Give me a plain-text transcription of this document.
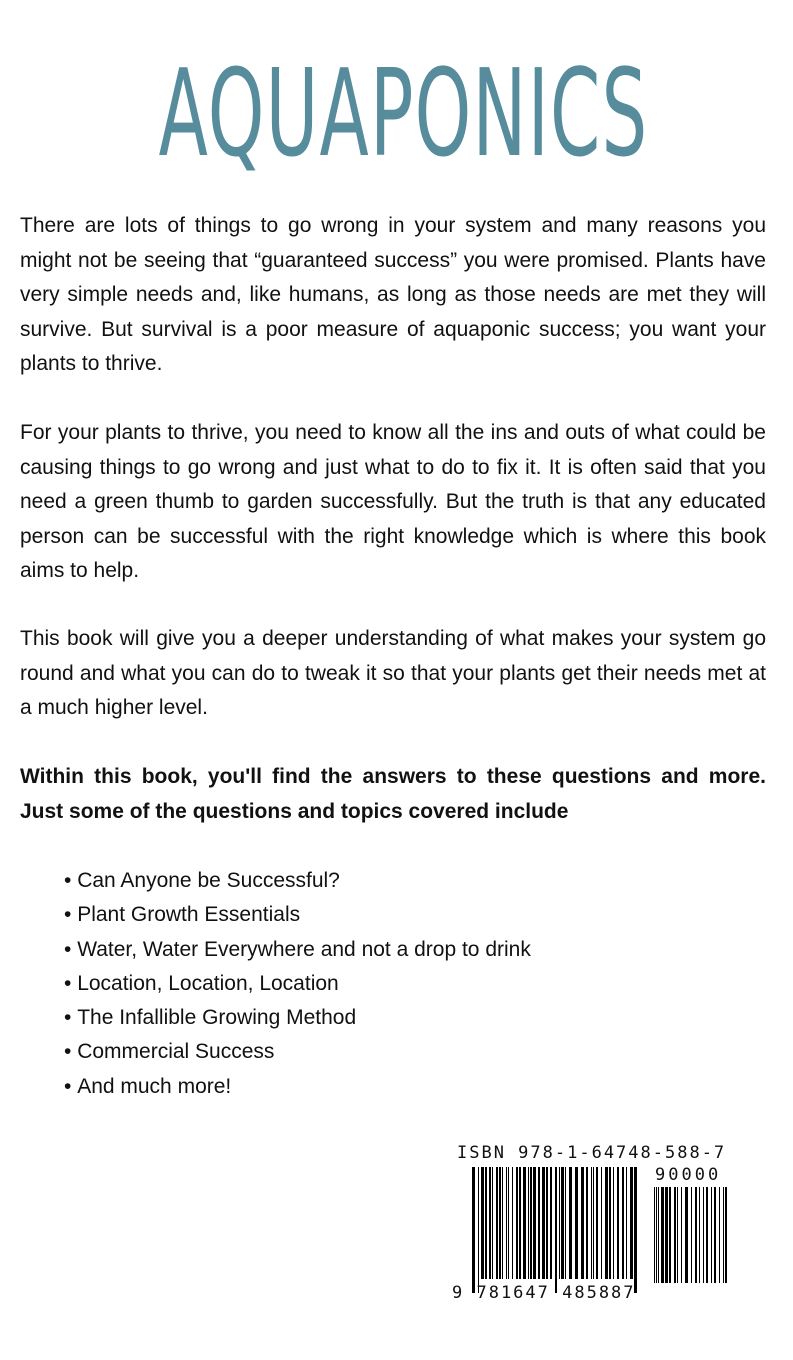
AQUAPONICS

There are lots of things to go wrong in your system and many reasons you might not be seeing that “guaranteed success” you were promised. Plants have very simple needs and, like humans, as long as those needs are met they will survive. But survival is a poor measure of aquaponic success; you want your plants to thrive.

For your plants to thrive, you need to know all the ins and outs of what could be causing things to go wrong and just what to do to fix it. It is often said that you need a green thumb to garden successfully. But the truth is that any educated person can be successful with the right knowledge which is where this book aims to help.

This book will give you a deeper understanding of what makes your system go round and what you can do to tweak it so that your plants get their needs met at a much higher level.

Within this book, you'll find the answers to these questions and more. Just some of the questions and topics covered include

• Can Anyone be Successful?
• Plant Growth Essentials
• Water, Water Everywhere and not a drop to drink
• Location, Location, Location
• The Infallible Growing Method
• Commercial Success
• And much more!
ISBN 978-1-64748-588-7
90000
9 781647 485887
